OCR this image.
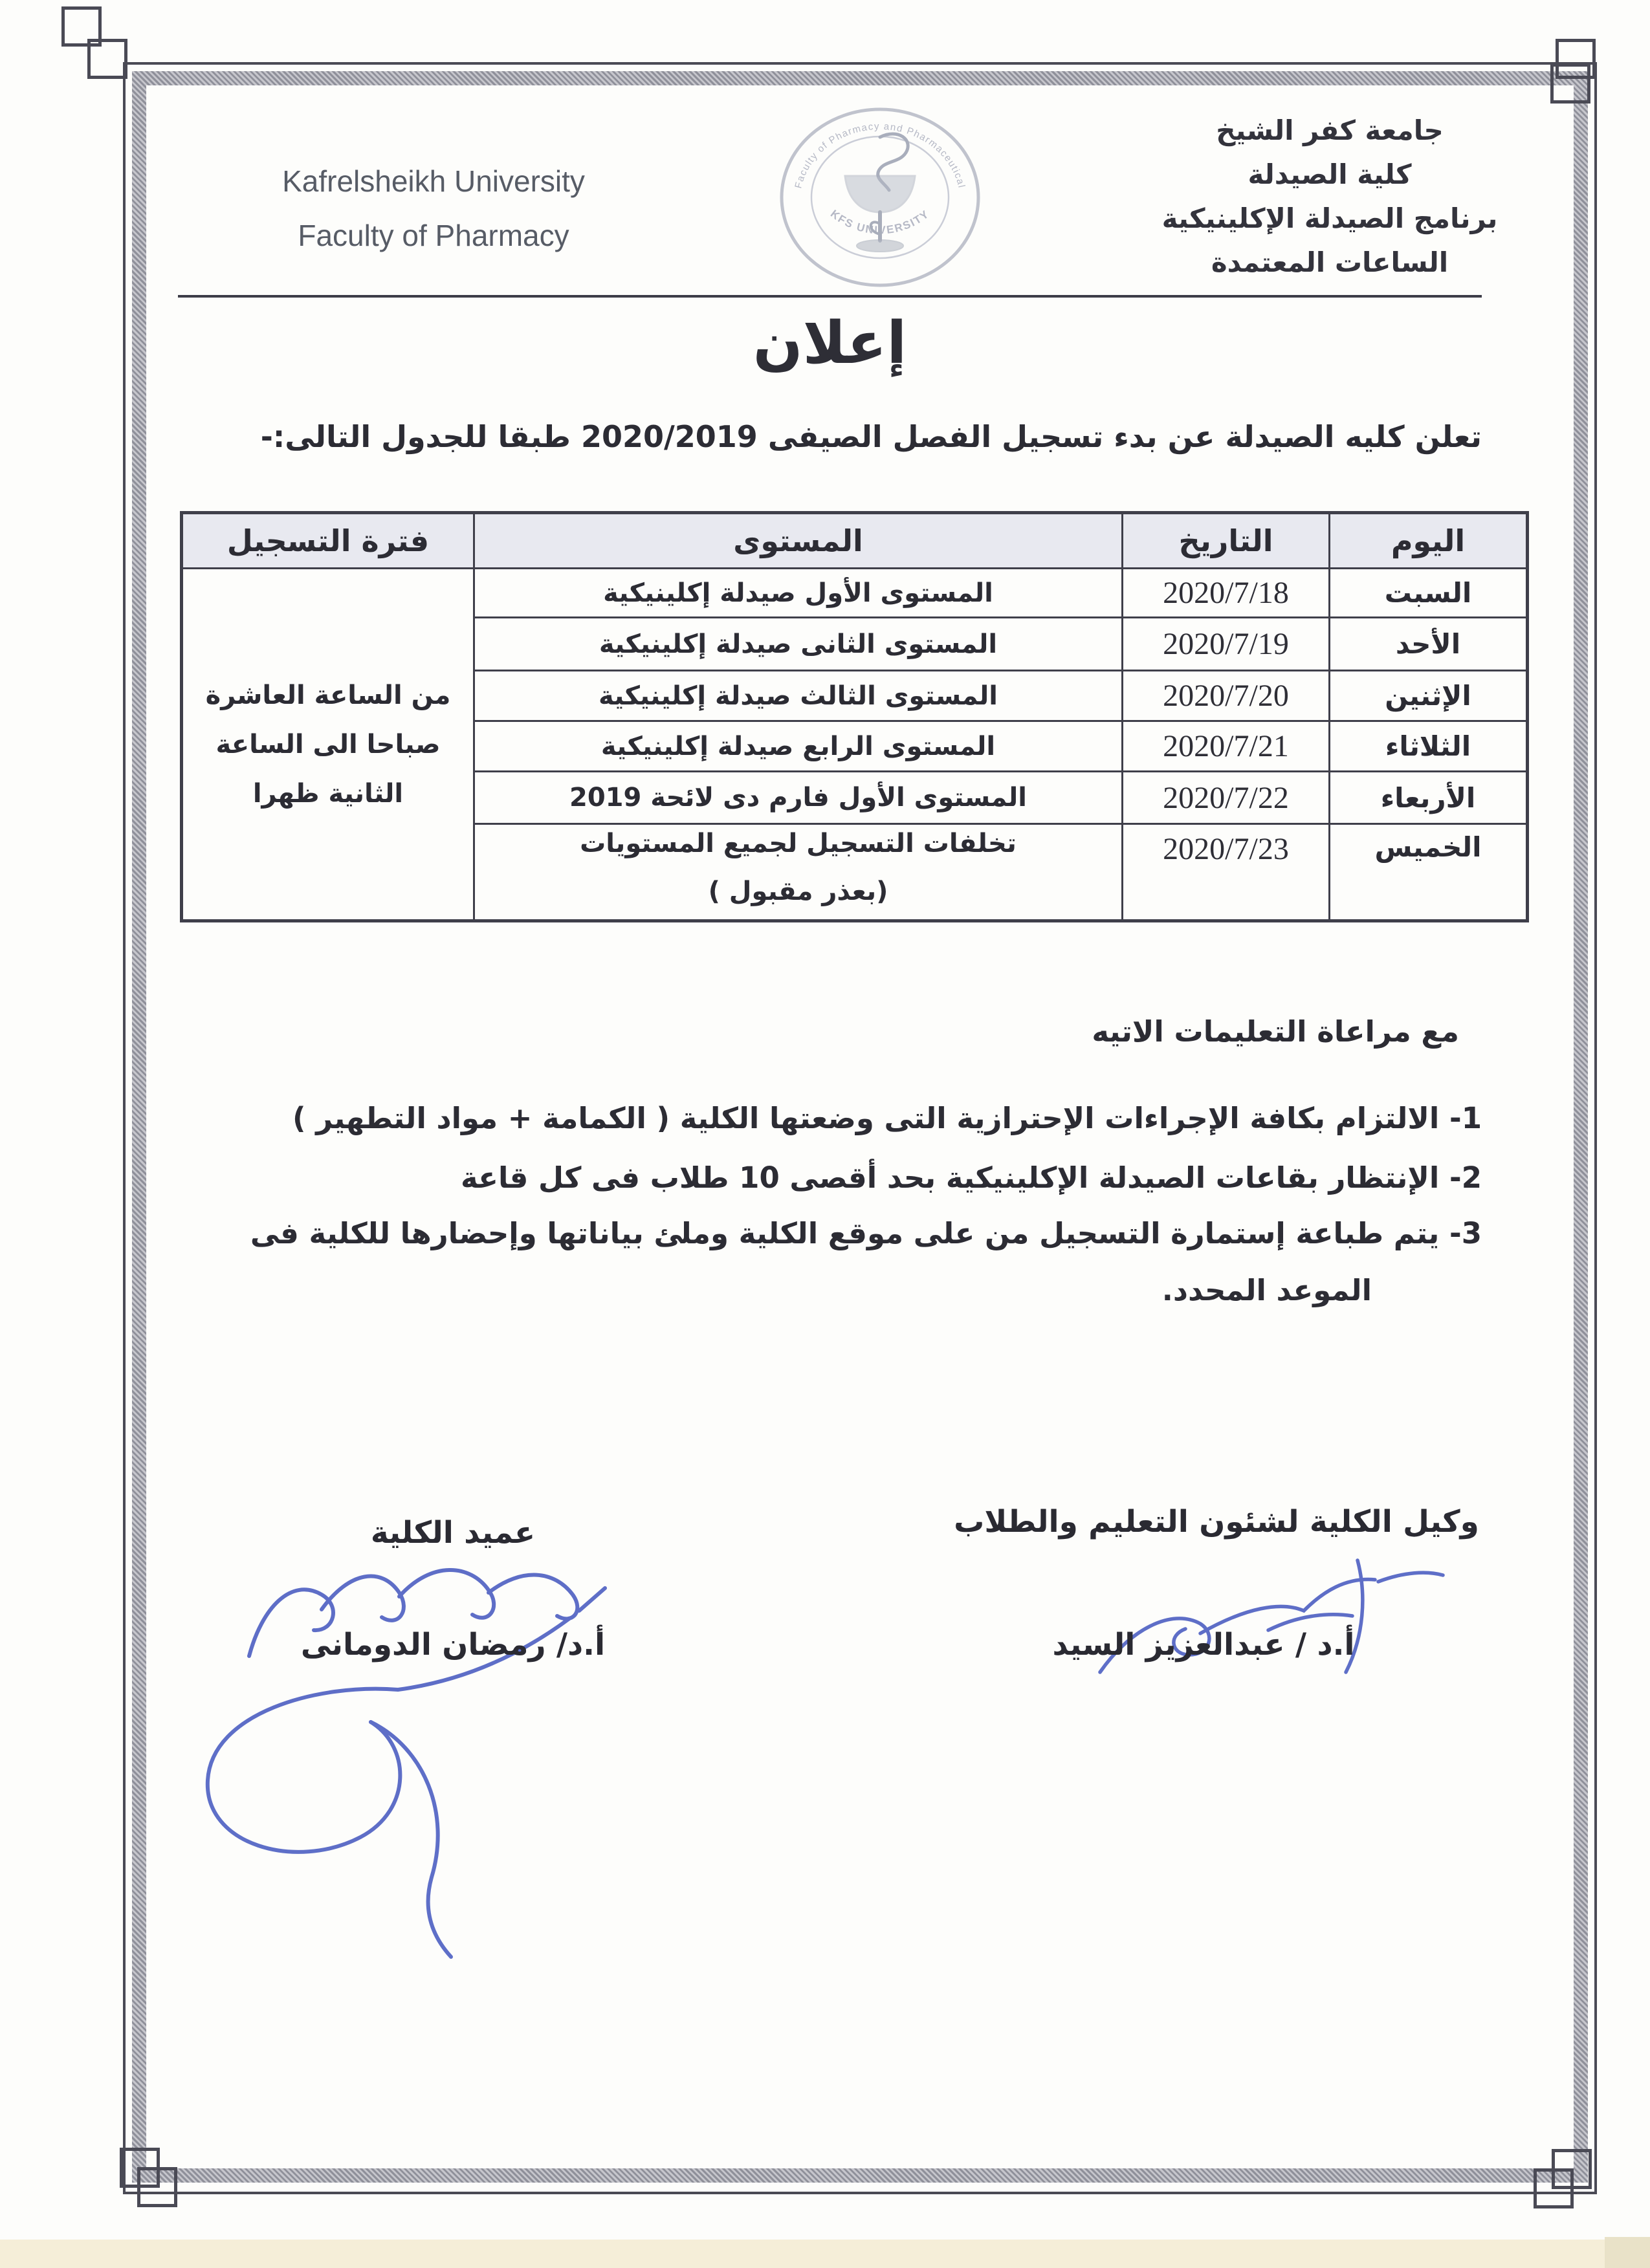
Kafrelsheikh University
Faculty of Pharmacy
Faculty of Pharmacy and Pharmaceutical
KFS UNIVERSITY
جامعة كفر الشيخ
كلية الصيدلة
برنامج الصيدلة الإكلينيكية
الساعات المعتمدة
إعلان
تعلن كليه الصيدلة عن بدء تسجيل الفصل الصيفى 2020/2019 طبقا للجدول التالى:-
اليوم	التاريخ	المستوى	فترة التسجيل
السبت	2020/7/18	المستوى الأول صيدلة إكلينيكية	من الساعة العاشرة صباحا الى الساعة الثانية ظهرا
الأحد	2020/7/19	المستوى الثانى صيدلة إكلينيكية	

الإثنين	2020/7/20	المستوى الثالث صيدلة إكلينيكية	

الثلاثاء	2020/7/21	المستوى الرابع صيدلة إكلينيكية	

الأربعاء	2020/7/22	المستوى الأول فارم دى لائحة 2019	

الخميس	2020/7/23	تخلفات التسجيل لجميع المستويات
(بعذر مقبول )	
مع مراعاة التعليمات الاتيه
1- الالتزام بكافة الإجراءات الإحترازية التى وضعتها الكلية ( الكمامة + مواد التطهير )
2- الإنتظار بقاعات الصيدلة الإكلينيكية بحد أقصى 10 طلاب فى كل قاعة
3- يتم طباعة إستمارة التسجيل من على موقع الكلية وملئ بياناتها وإحضارها للكلية فى
الموعد المحدد.
وكيل الكلية لشئون التعليم والطلاب
أ.د / عبدالعزيز السيد
عميد الكلية
أ.د/ رمضان الدومانى
